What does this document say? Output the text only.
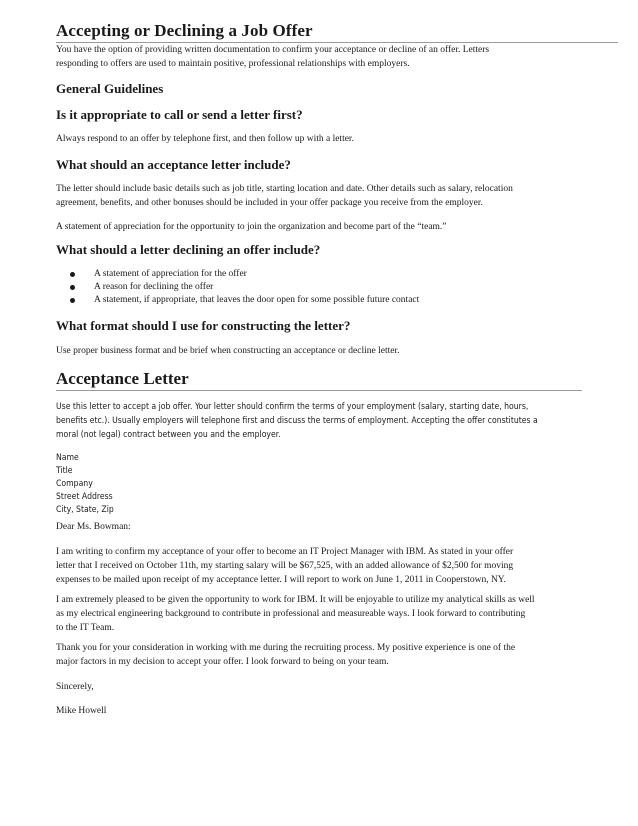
Accepting or Declining a Job Offer
You have the option of providing written documentation to confirm your acceptance or decline of an offer. Letters
responding to offers are used to maintain positive, professional relationships with employers.
General Guidelines
Is it appropriate to call or send a letter first?
Always respond to an offer by telephone first, and then follow up with a letter.
What should an acceptance letter include?
The letter should include basic details such as job title, starting location and date. Other details such as salary, relocation
agreement, benefits, and other bonuses should be included in your offer package you receive from the employer.
A statement of appreciation for the opportunity to join the organization and become part of the “team.”
What should a letter declining an offer include?
A statement of appreciation for the offer
A reason for declining the offer
A statement, if appropriate, that leaves the door open for some possible future contact
What format should I use for constructing the letter?
Use proper business format and be brief when constructing an acceptance or decline letter.
Acceptance Letter
Use this letter to accept a job offer. Your letter should confirm the terms of your employment (salary, starting date, hours,
benefits etc.). Usually employers will telephone first and discuss the terms of employment. Accepting the offer constitutes a
moral (not legal) contract between you and the employer.
Name
Title
Company
Street Address
City, State, Zip
Dear Ms. Bowman:
I am writing to confirm my acceptance of your offer to become an IT Project Manager with IBM. As stated in your offer
letter that I received on October 11th, my starting salary will be $67,525, with an added allowance of $2,500 for moving
expenses to be mailed upon receipt of my acceptance letter. I will report to work on June 1, 2011 in Cooperstown, NY.
I am extremely pleased to be given the opportunity to work for IBM. It will be enjoyable to utilize my analytical skills as well
as my electrical engineering background to contribute in professional and measureable ways. I look forward to contributing
to the IT Team.
Thank you for your consideration in working with me during the recruiting process. My positive experience is one of the
major factors in my decision to accept your offer. I look forward to being on your team.
Sincerely,
Mike Howell
